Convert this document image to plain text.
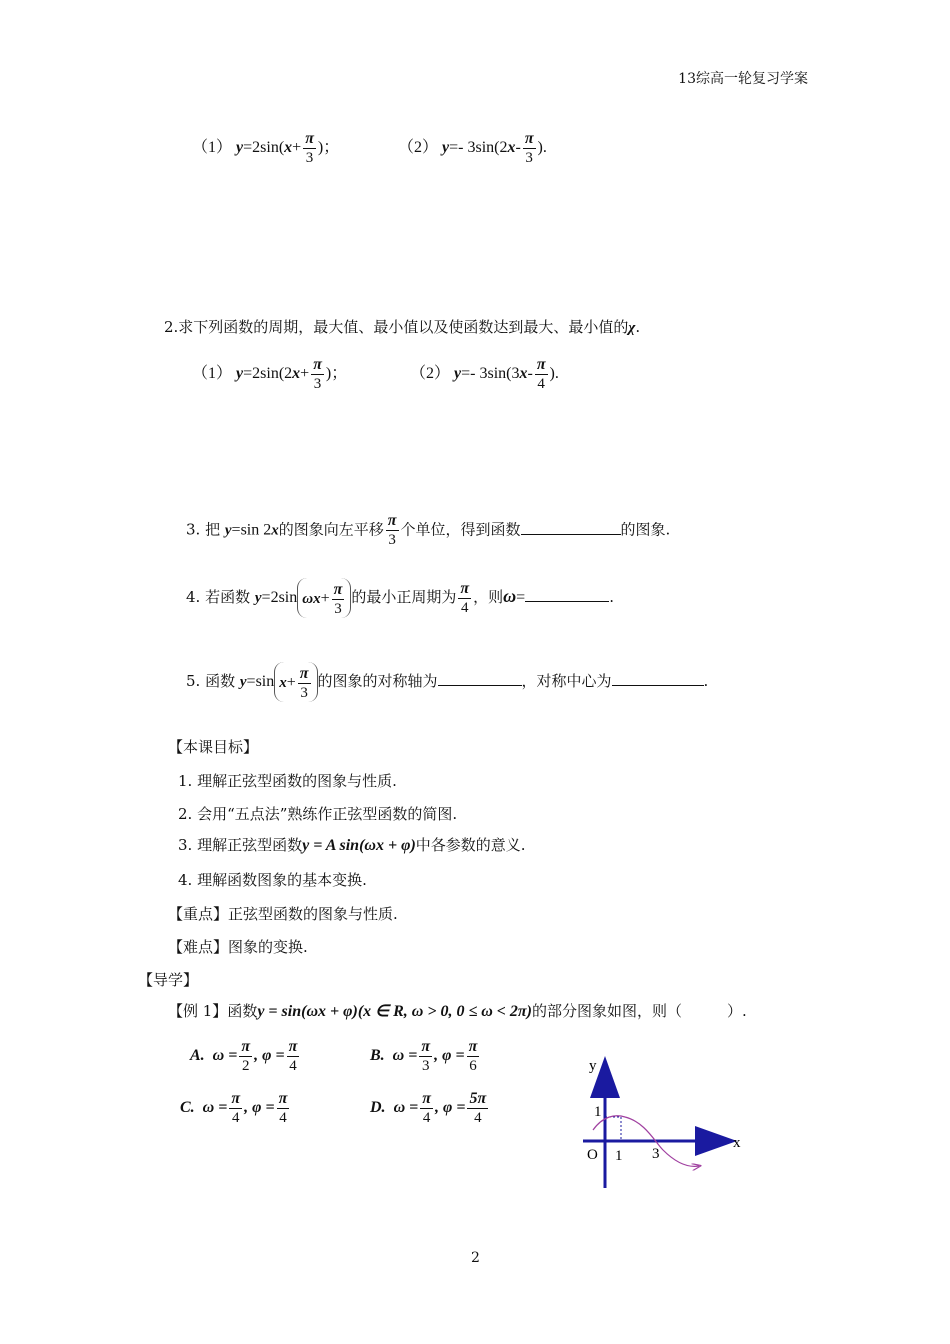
13综高一轮复习学案
（1） $y=2\sin(x+ \frac{\pi}{3}$ )；	（2） y=- $3\sin(2x- \frac{\pi}{3}$ ).
2.求下列函数的周期，最大值、最小值以及使函数达到最大、最小值的χ.
（1） $y=2\sin(2x+ \frac{\pi}{3}$ )；	（2） y=- $3\sin(3x- \frac{\pi}{4}$ ).
3. 把 y=sin 2x的图象向左平移 $\frac{\pi}{3}$ 个单位，得到函数	的图象.
4. 若函数 y=2sin $\omega x+ \frac{\pi}{3}$ 的最小正周期为 $\frac{\pi}{4}$ ，则ω=	.
5. 函数 y=sin $x+ \frac{\pi}{3}$ 的图象的对称轴为	，对称中心为	.
【本课目标】
1. 理解正弦型函数的图象与性质.
2. 会用“五点法”熟练作正弦型函数的简图.
3. 理解正弦型函数y = A sin(ωx + φ)中各参数的意义.
4. 理解函数图象的基本变换.
【重点】正弦型函数的图象与性质.
【难点】图象的变换.
【导学】
【例 1】函数y = sin(ωx + φ)(x ∈ R, ω > 0, 0 ≤ ω < 2π)的部分图象如图，则（　　　）.
A. $\omega = \frac{\pi}{2}$ , $\varphi = \frac{\pi}{4}$	B. $\omega = \frac{\pi}{3}$ , $\varphi = \frac{\pi}{6}$
C. $\omega = \frac{\pi}{4}$ , $\varphi = \frac{\pi}{4}$	D. $\omega = \frac{\pi}{4}$ , $\varphi = \frac{5\pi}{4}$
y
x
O 1 3
1
2
